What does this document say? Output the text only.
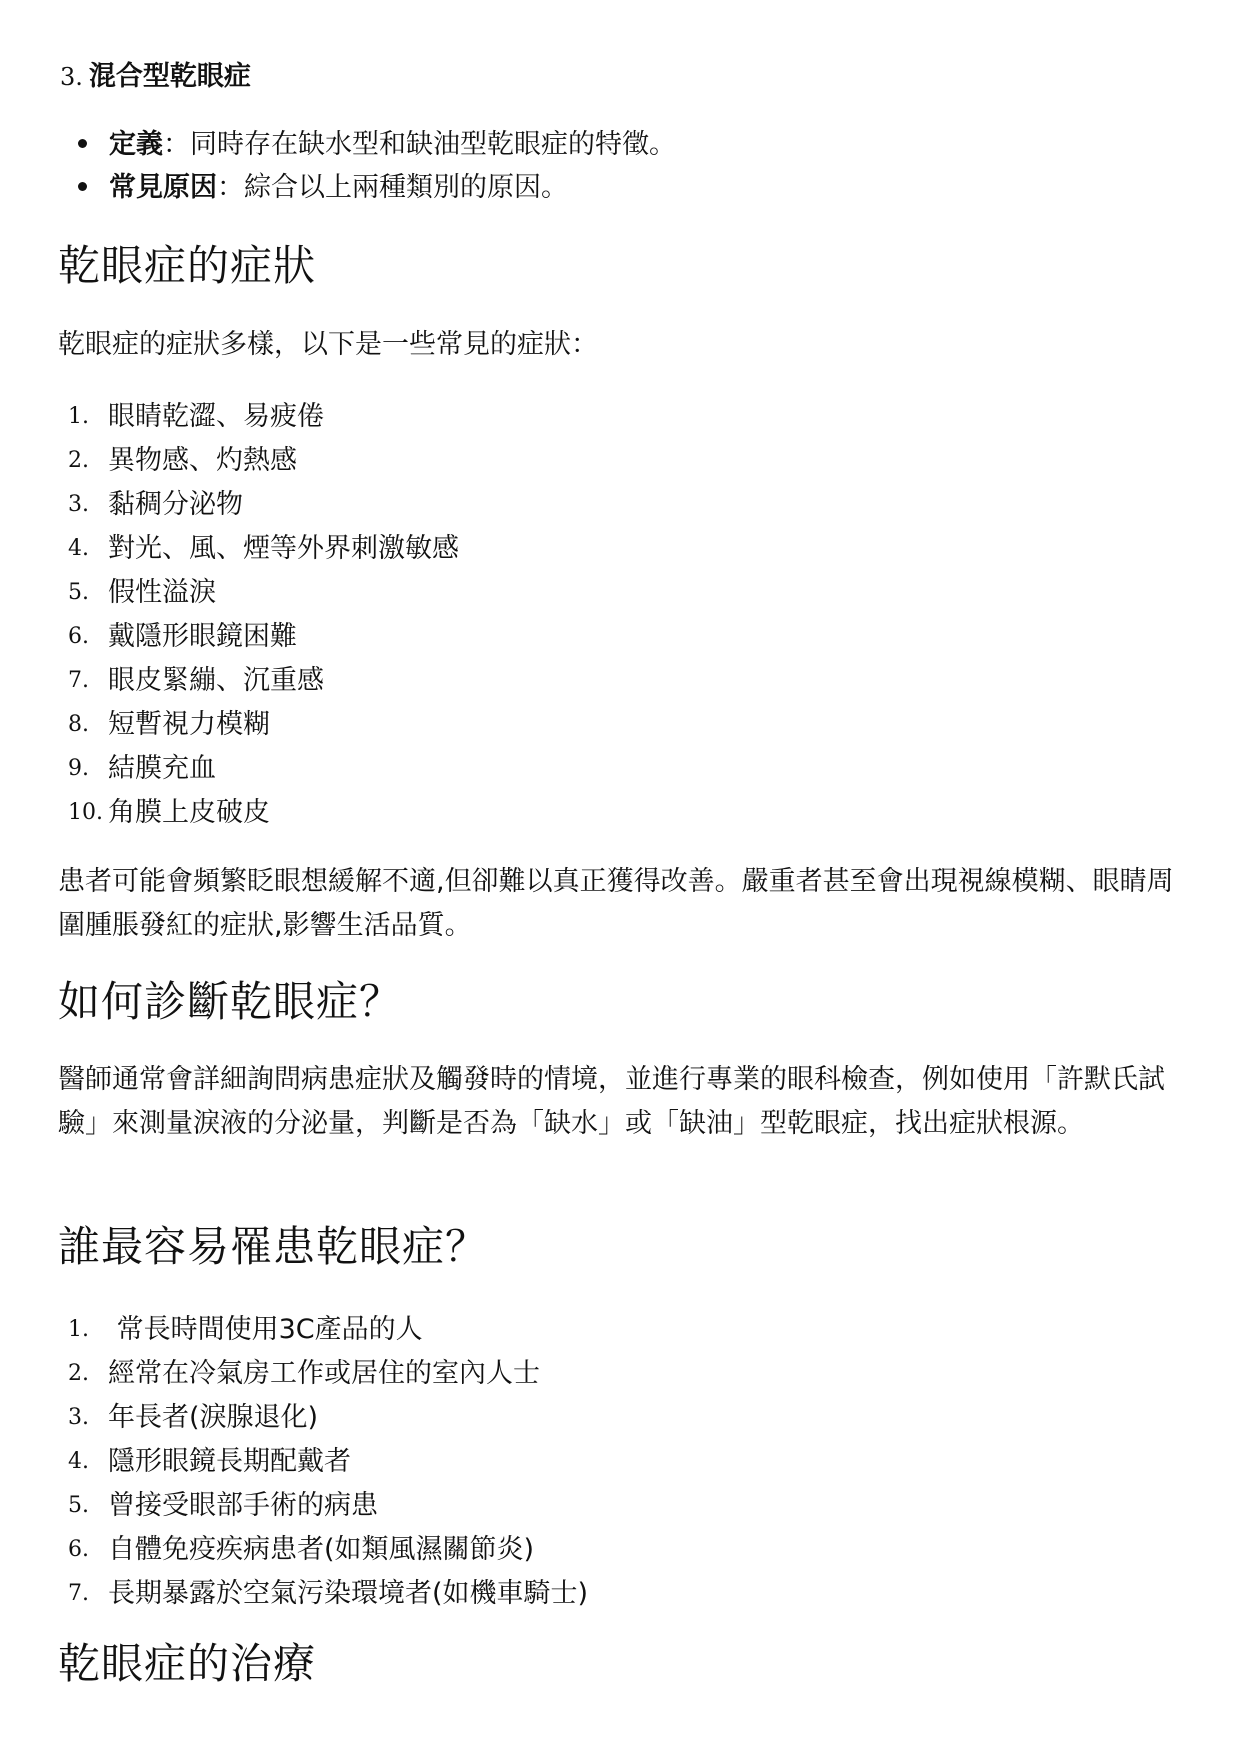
3. 混合型乾眼症
定義：同時存在缺水型和缺油型乾眼症的特徵。
常見原因：綜合以上兩種類別的原因。
乾眼症的症狀
乾眼症的症狀多樣，以下是一些常見的症狀：
1. 眼睛乾澀、易疲倦
2. 異物感、灼熱感
3. 黏稠分泌物
4. 對光、風、煙等外界刺激敏感
5. 假性溢淚
6. 戴隱形眼鏡困難
7. 眼皮緊繃、沉重感
8. 短暫視力模糊
9. 結膜充血
10. 角膜上皮破皮
患者可能會頻繁眨眼想緩解不適,但卻難以真正獲得改善。嚴重者甚至會出現視線模糊、眼睛周圍腫脹發紅的症狀,影響生活品質。
如何診斷乾眼症？
醫師通常會詳細詢問病患症狀及觸發時的情境，並進行專業的眼科檢查，例如使用「許默氏試驗」來測量淚液的分泌量，判斷是否為「缺水」或「缺油」型乾眼症，找出症狀根源。
誰最容易罹患乾眼症？
1. 常長時間使用3C產品的人
2. 經常在冷氣房工作或居住的室內人士
3. 年長者(淚腺退化)
4. 隱形眼鏡長期配戴者
5. 曾接受眼部手術的病患
6. 自體免疫疾病患者(如類風濕關節炎)
7. 長期暴露於空氣污染環境者(如機車騎士)
乾眼症的治療
